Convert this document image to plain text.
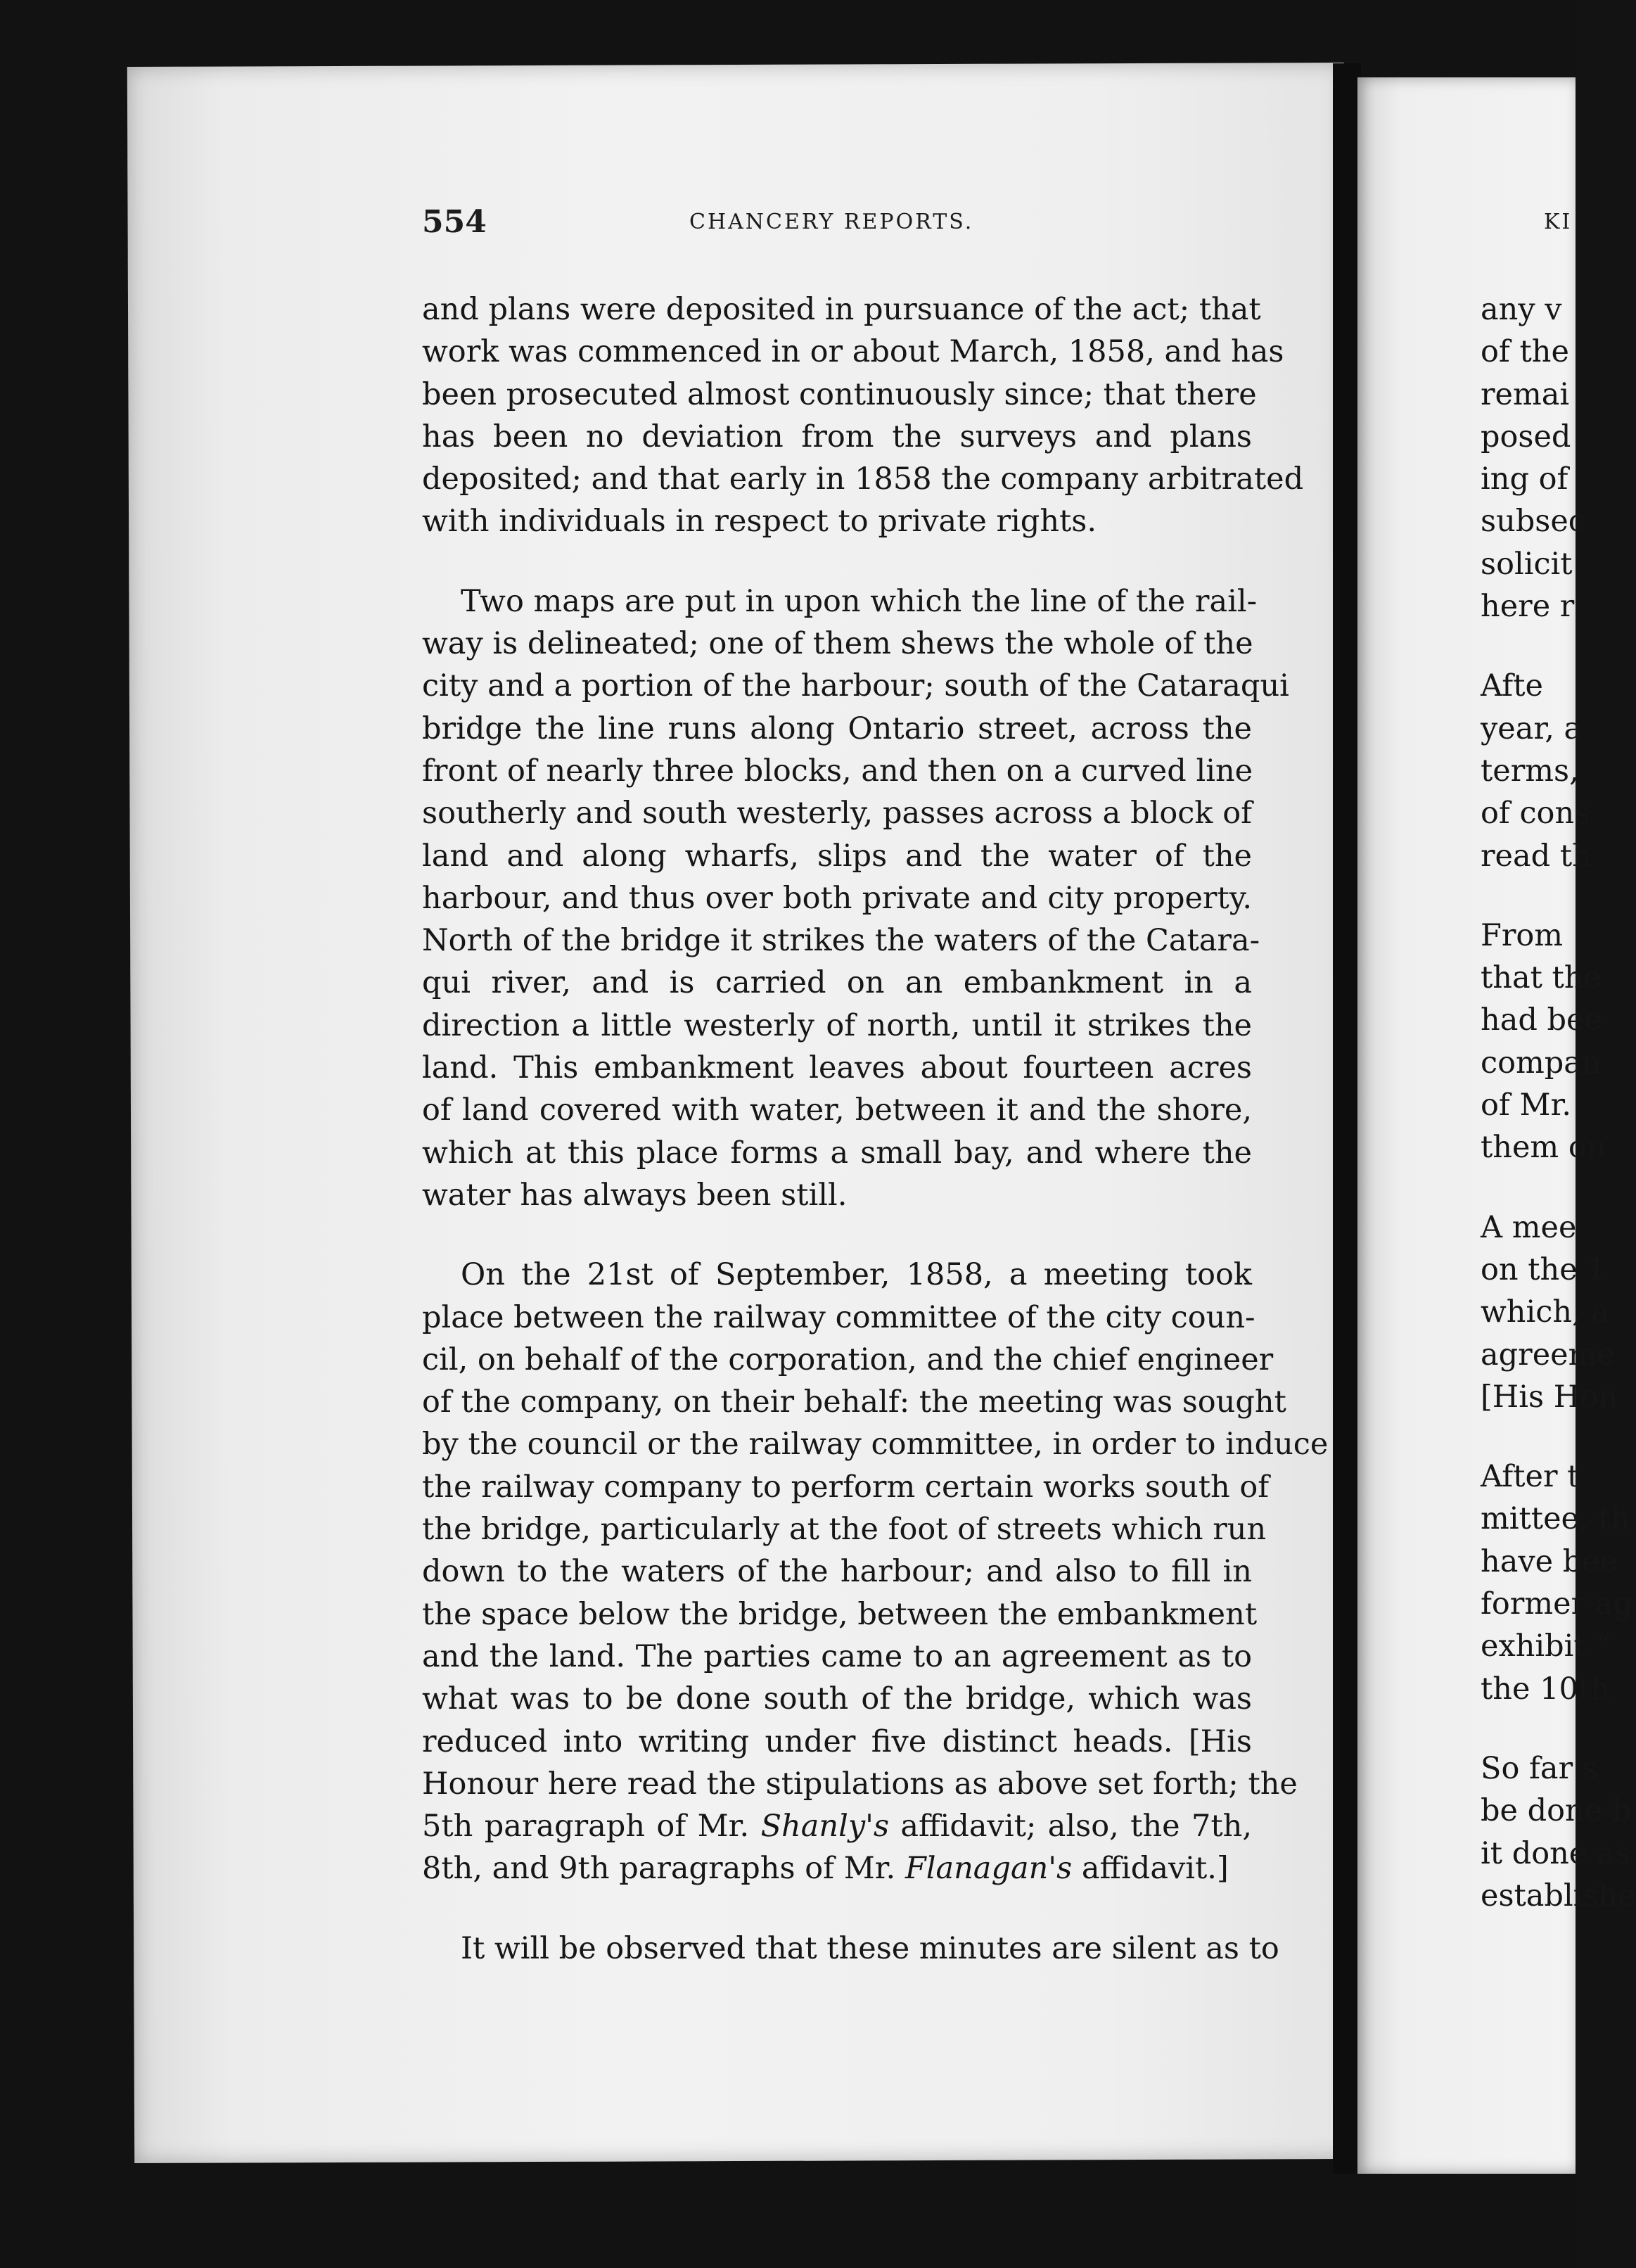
554	CHANCERY REPORTS.
and plans were deposited in pursuance of the act; that
work was commenced in or about March, 1858, and has
been prosecuted almost continuously since; that there
has been no deviation from the surveys and plans
deposited; and that early in 1858 the company arbitrated
with individuals in respect to private rights.
Two maps are put in upon which the line of the rail-
way is delineated; one of them shews the whole of the
city and a portion of the harbour; south of the Cataraqui
bridge the line runs along Ontario street, across the
front of nearly three blocks, and then on a curved line
southerly and south westerly, passes across a block of
land and along wharfs, slips and the water of the
harbour, and thus over both private and city property.
North of the bridge it strikes the waters of the Catara-
qui river, and is carried on an embankment in a
direction a little westerly of north, until it strikes the
land. This embankment leaves about fourteen acres
of land covered with water, between it and the shore,
which at this place forms a small bay, and where the
water has always been still.
On the 21st of September, 1858, a meeting took
place between the railway committee of the city coun-
cil, on behalf of the corporation, and the chief engineer
of the company, on their behalf: the meeting was sought
by the council or the railway committee, in order to induce
the railway company to perform certain works south of
the bridge, particularly at the foot of streets which run
down to the waters of the harbour; and also to fill in
the space below the bridge, between the embankment
and the land. The parties came to an agreement as to
what was to be done south of the bridge, which was
reduced into writing under five distinct heads. [His
Honour here read the stipulations as above set forth; the
5th paragraph of Mr. Shanly's affidavit; also, the 7th,
8th, and 9th paragraphs of Mr. Flanagan's affidavit.]
It will be observed that these minutes are silent as to
KI
any v
of the
remai
posed
ing of
subsec
solicit
here r
Afte
year, a
terms,
of cons
read th
From
that the
had bee
compan
of Mr.
them on
A mee
on the 1
which, a
agreeme
[His Hon
After t
mittee, th
have bee
former ag
exhibit “
the 10th
So far s
be done b
it done as
establishe
